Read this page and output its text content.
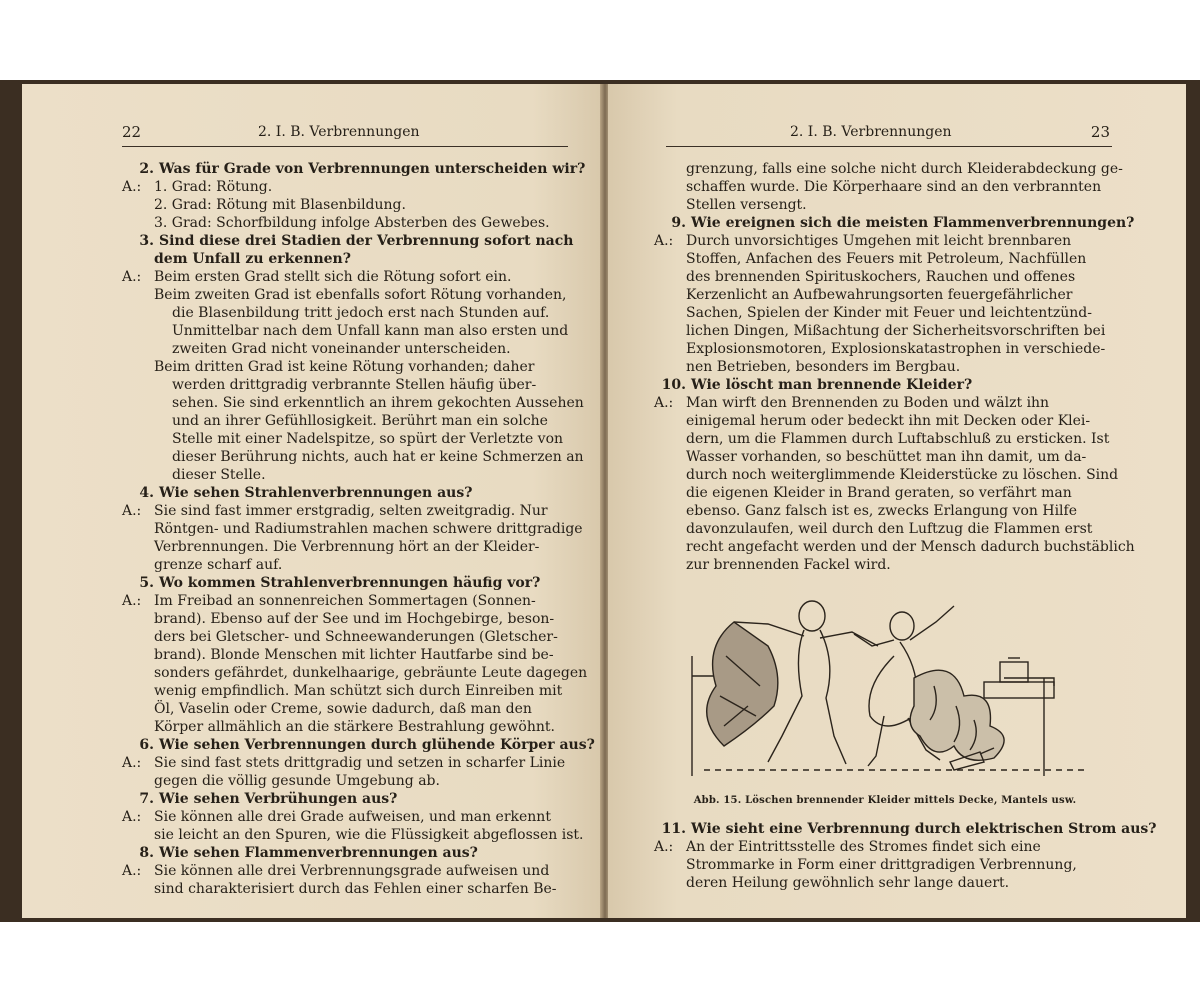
22	2. I. B. Verbrennungen
2. Was für Grade von Verbrennungen unterscheiden wir?
A.: 1. Grad: Rötung.
2. Grad: Rötung mit Blasenbildung.
3. Grad: Schorfbildung infolge Absterben des Gewebes.
3. Sind diese drei Stadien der Verbrennung sofort nach
dem Unfall zu erkennen?
A.: Beim ersten Grad stellt sich die Rötung sofort ein.
Beim zweiten Grad ist ebenfalls sofort Rötung vorhanden,
die Blasenbildung tritt jedoch erst nach Stunden auf.
Unmittelbar nach dem Unfall kann man also ersten und
zweiten Grad nicht voneinander unterscheiden.
Beim dritten Grad ist keine Rötung vorhanden; daher
werden drittgradig verbrannte Stellen häufig über-
sehen. Sie sind erkenntlich an ihrem gekochten Aussehen
und an ihrer Gefühllosigkeit. Berührt man ein solche
Stelle mit einer Nadelspitze, so spürt der Verletzte von
dieser Berührung nichts, auch hat er keine Schmerzen an
dieser Stelle.
4. Wie sehen Strahlenverbrennungen aus?
A.: Sie sind fast immer erstgradig, selten zweitgradig. Nur
Röntgen- und Radiumstrahlen machen schwere drittgradige
Verbrennungen. Die Verbrennung hört an der Kleider-
grenze scharf auf.
5. Wo kommen Strahlenverbrennungen häufig vor?
A.: Im Freibad an sonnenreichen Sommertagen (Sonnen-
brand). Ebenso auf der See und im Hochgebirge, beson-
ders bei Gletscher- und Schneewanderungen (Gletscher-
brand). Blonde Menschen mit lichter Hautfarbe sind be-
sonders gefährdet, dunkelhaarige, gebräunte Leute dagegen
wenig empfindlich. Man schützt sich durch Einreiben mit
Öl, Vaselin oder Creme, sowie dadurch, daß man den
Körper allmählich an die stärkere Bestrahlung gewöhnt.
6. Wie sehen Verbrennungen durch glühende Körper aus?
A.: Sie sind fast stets drittgradig und setzen in scharfer Linie
gegen die völlig gesunde Umgebung ab.
7. Wie sehen Verbrühungen aus?
A.: Sie können alle drei Grade aufweisen, und man erkennt
sie leicht an den Spuren, wie die Flüssigkeit abgeflossen ist.
8. Wie sehen Flammenverbrennungen aus?
A.: Sie können alle drei Verbrennungsgrade aufweisen und
sind charakterisiert durch das Fehlen einer scharfen Be-
23
2. I. B. Verbrennungen
grenzung, falls eine solche nicht durch Kleiderabdeckung ge-
schaffen wurde. Die Körperhaare sind an den verbrannten
Stellen versengt.
9. Wie ereignen sich die meisten Flammenverbrennungen?
A.: Durch unvorsichtiges Umgehen mit leicht brennbaren
Stoffen, Anfachen des Feuers mit Petroleum, Nachfüllen
des brennenden Spirituskochers, Rauchen und offenes
Kerzenlicht an Aufbewahrungsorten feuergefährlicher
Sachen, Spielen der Kinder mit Feuer und leichtentzünd-
lichen Dingen, Mißachtung der Sicherheitsvorschriften bei
Explosionsmotoren, Explosionskatastrophen in verschiede-
nen Betrieben, besonders im Bergbau.
10. Wie löscht man brennende Kleider?
A.: Man wirft den Brennenden zu Boden und wälzt ihn
einigemal herum oder bedeckt ihn mit Decken oder Klei-
dern, um die Flammen durch Luftabschluß zu ersticken. Ist
Wasser vorhanden, so beschüttet man ihn damit, um da-
durch noch weiterglimmende Kleiderstücke zu löschen. Sind
die eigenen Kleider in Brand geraten, so verfährt man
ebenso. Ganz falsch ist es, zwecks Erlangung von Hilfe
davonzulaufen, weil durch den Luftzug die Flammen erst
recht angefacht werden und der Mensch dadurch buchstäblich
zur brennenden Fackel wird.
Abb. 15. Löschen brennender Kleider mittels Decke, Mantels usw.
11. Wie sieht eine Verbrennung durch elektrischen Strom aus?
A.: An der Eintrittsstelle des Stromes findet sich eine
Strommarke in Form einer drittgradigen Verbrennung,
deren Heilung gewöhnlich sehr lange dauert.
